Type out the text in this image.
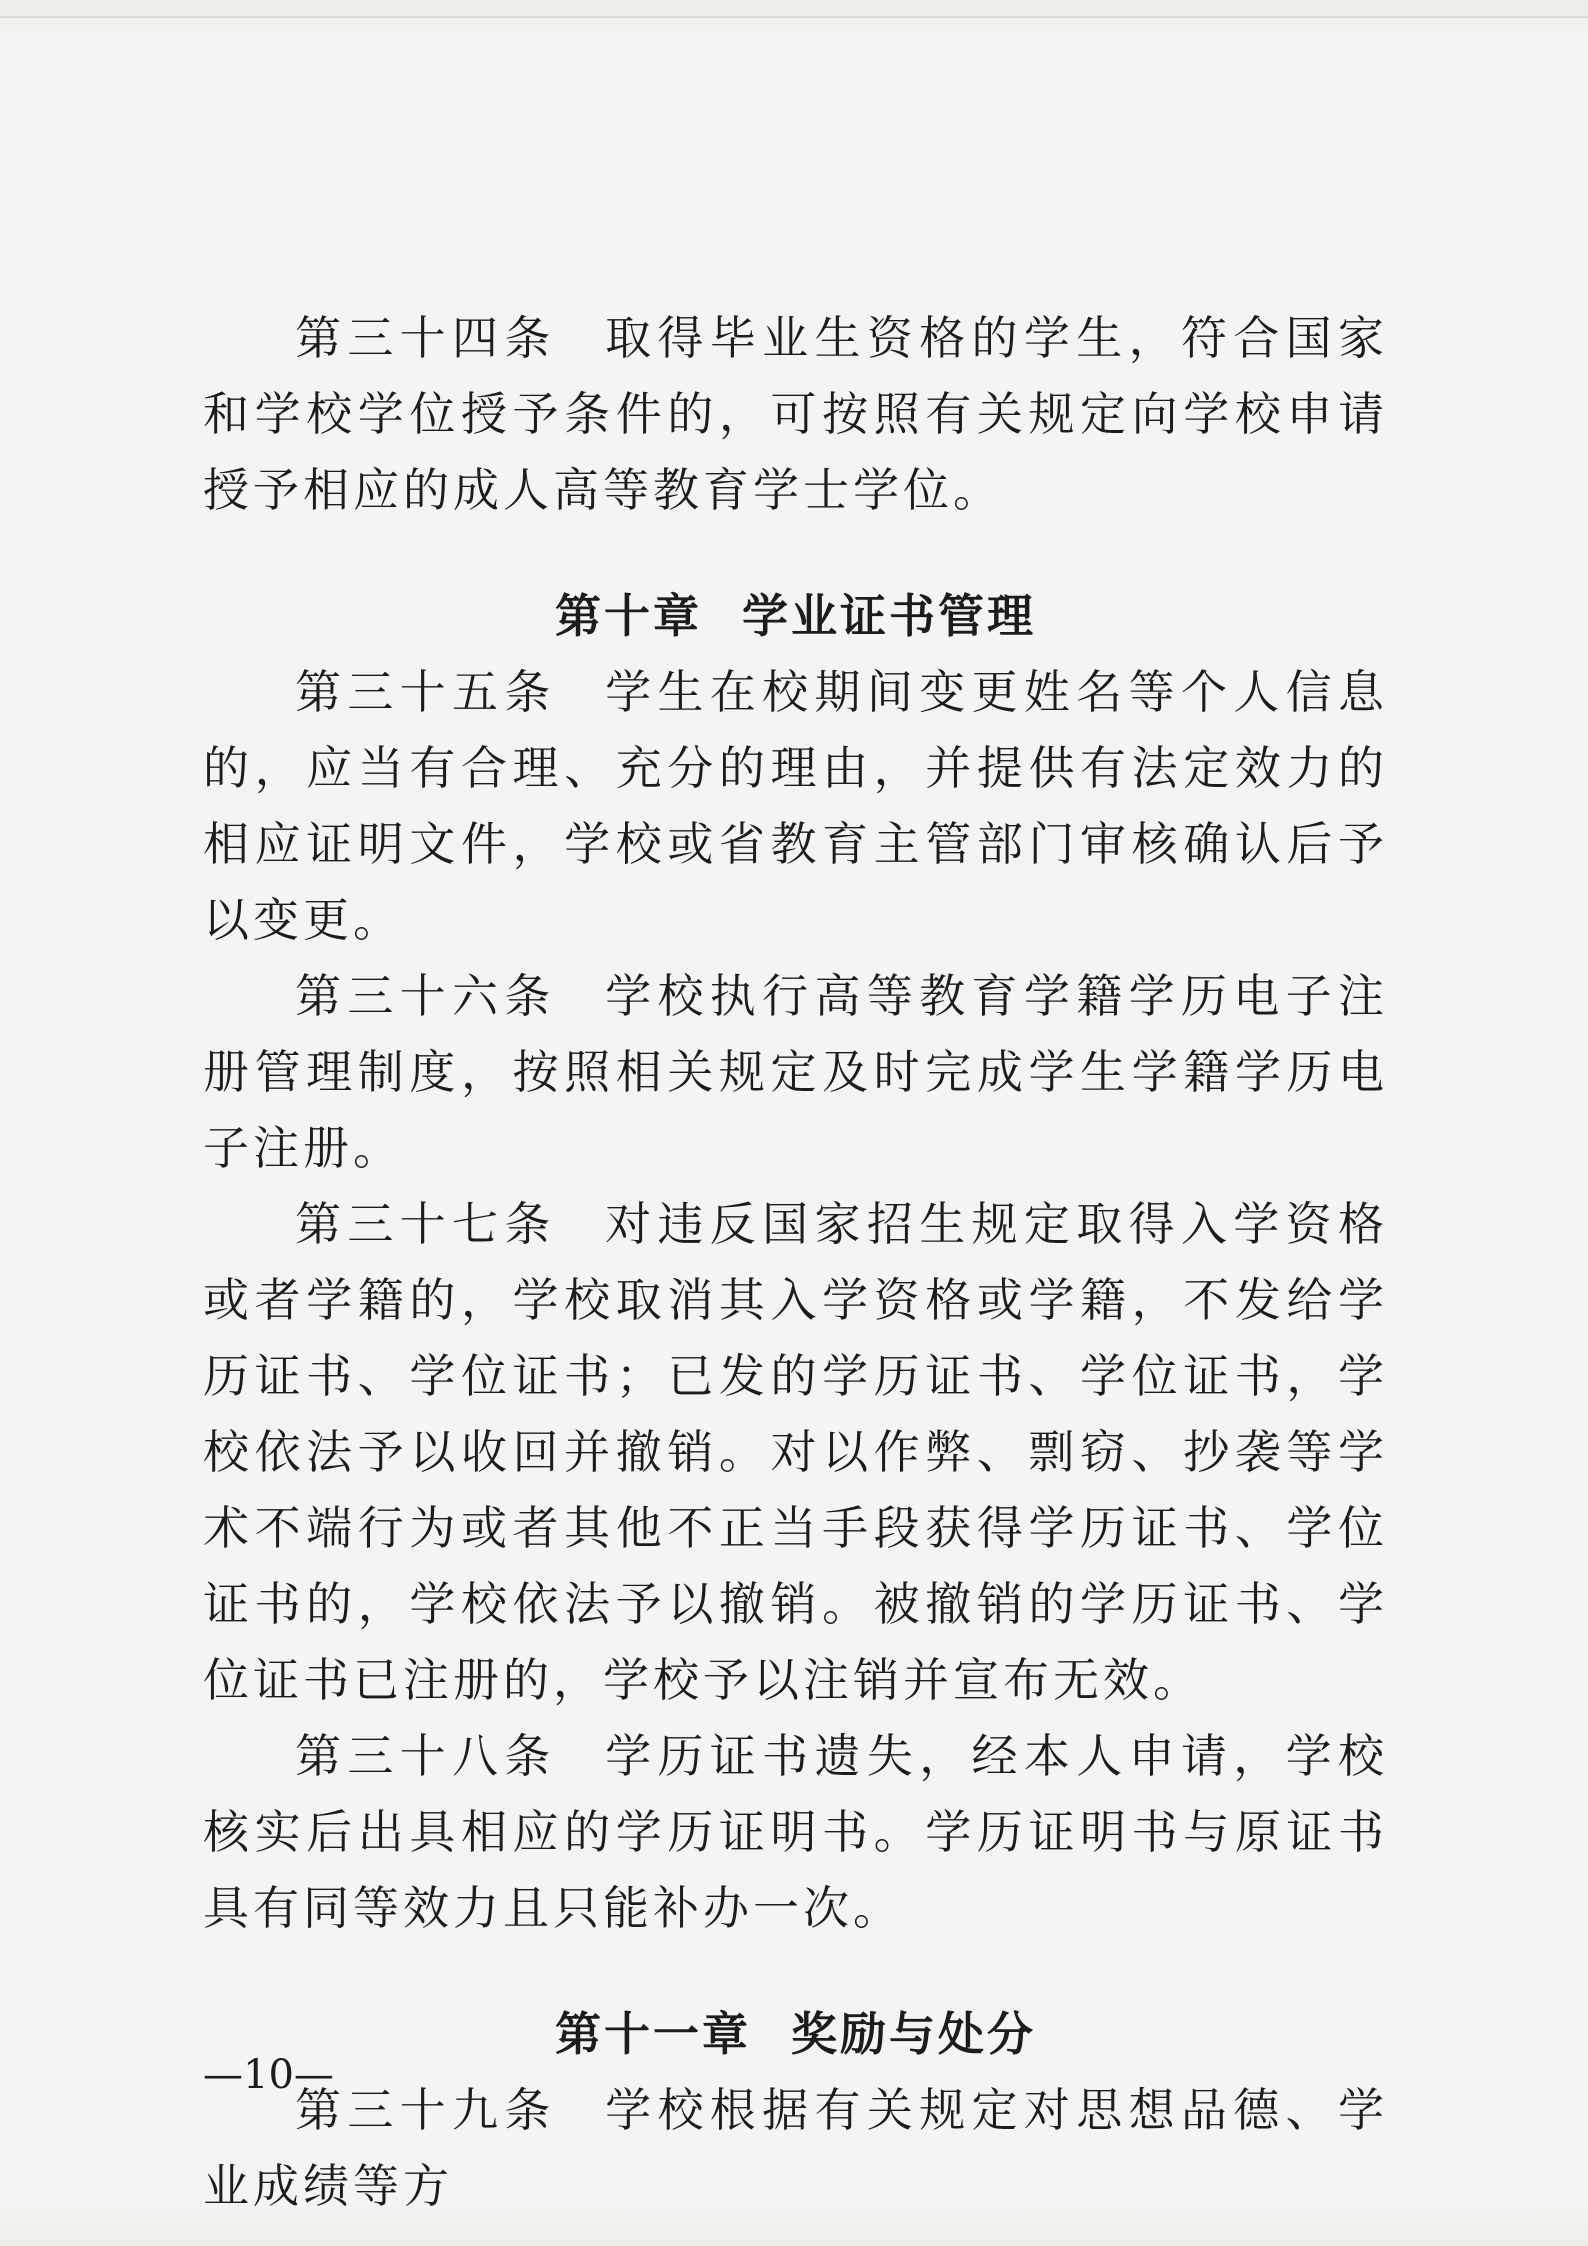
第三十四条 取得毕业生资格的学生，符合国家和学校学位授予条件的，可按照有关规定向学校申请授予相应的成人高等教育学士学位。

第十章 学业证书管理

第三十五条 学生在校期间变更姓名等个人信息的，应当有合理、充分的理由，并提供有法定效力的相应证明文件，学校或省教育主管部门审核确认后予以变更。

第三十六条 学校执行高等教育学籍学历电子注册管理制度，按照相关规定及时完成学生学籍学历电子注册。

第三十七条 对违反国家招生规定取得入学资格或者学籍的，学校取消其入学资格或学籍，不发给学历证书、学位证书；已发的学历证书、学位证书，学校依法予以收回并撤销。对以作弊、剽窃、抄袭等学术不端行为或者其他不正当手段获得学历证书、学位证书的，学校依法予以撤销。被撤销的学历证书、学位证书已注册的，学校予以注销并宣布无效。

第三十八条 学历证书遗失，经本人申请，学校核实后出具相应的学历证明书。学历证明书与原证书具有同等效力且只能补办一次。

第十一章 奖励与处分

第三十九条 学校根据有关规定对思想品德、学业成绩等方

—10—
